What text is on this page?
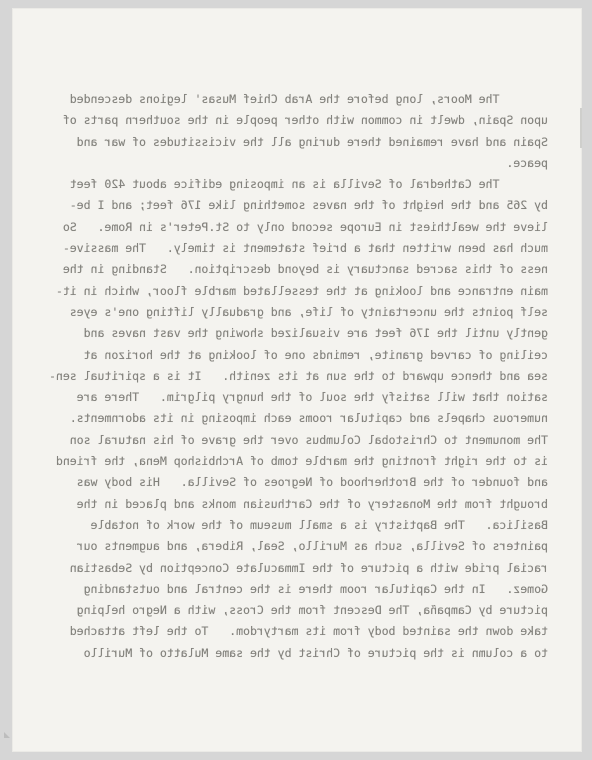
The Moors, long before the Arab Chief Musas' legions descended
upon Spain, dwelt in common with other people in the southern parts of
Spain and have remained there during all the vicissitudes of war and
peace.
The Cathedral of Sevilla is an imposing edifice about 420 feet
by 265 and the height of the naves something like 176 feet; and I be-
lieve the wealthiest in Europe second only to St.Peter's in Rome.   So
much has been written that a brief statement is timely.   The massive-
ness of this sacred sanctuary is beyond description.   Standing in the
main entrance and looking at the tessellated marble floor, which in it-
self points the uncertainty of life, and gradually lifting one's eyes
gently until the 176 feet are visualized showing the vast naves and
ceiling of carved granite, reminds one of looking at the horizon at
sea and thence upward to the sun at its zenith.   It is a spiritual sen-
sation that will satisfy the soul of the hungry pilgrim.   There are
numerous chapels and capitular rooms each imposing in its adornments.
The monument to Christobal Columbus over the grave of his natural son
is to the right fronting the marble tomb of Archbishop Mena, the friend
and founder of the Brotherhood of Negroes of Sevilla.   His body was
brought from the Monastery of the Carthusian monks and placed in the
Basilica.   The Baptistry is a small museum of the work of notable
painters of Sevilla, such as Murillo, Seal, Ribera, and augments our
racial pride with a picture of the Immaculate Conception by Sebastian
Gomez.   In the Capitular room there is the central and outstanding
picture by Campaña, The Descent from the Cross, with a Negro helping
take down the sainted body from its martyrdom.   To the left attached
to a column is the picture of Christ by the same Mulatto of Murillo
